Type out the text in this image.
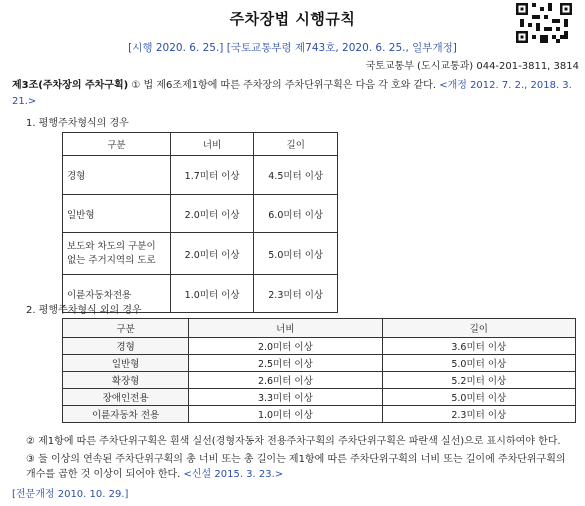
주차장법 시행규칙
[시행 2020. 6. 25.] [국토교통부령 제743호, 2020. 6. 25., 일부개정]
국토교통부 (도시교통과) 044-201-3811, 3814
제3조(주차장의 주차구획) ① 법 제6조제1항에 따른 주차장의 주차단위구획은 다음 각 호와 같다. <개정 2012. 7. 2., 2018. 3. 21.>
1. 평행주차형식의 경우
구분	너비	길이
경형	1.7미터 이상	4.5미터 이상
일반형	2.0미터 이상	6.0미터 이상
보도와 차도의 구분이 없는 주거지역의 도로	2.0미터 이상	5.0미터 이상
이륜자동차전용	1.0미터 이상	2.3미터 이상
2. 평행주차형식 외의 경우
구분	너비	길이
경형	2.0미터 이상	3.6미터 이상
일반형	2.5미터 이상	5.0미터 이상
확장형	2.6미터 이상	5.2미터 이상
장애인전용	3.3미터 이상	5.0미터 이상
이륜자동차 전용	1.0미터 이상	2.3미터 이상
② 제1항에 따른 주차단위구획은 흰색 실선(경형자동차 전용주차구획의 주차단위구획은 파란색 실선)으로 표시하여야 한다.
③ 둘 이상의 연속된 주차단위구획의 총 너비 또는 총 길이는 제1항에 따른 주차단위구획의 너비 또는 길이에 주차단위구획의 개수를 곱한 것 이상이 되어야 한다. <신설 2015. 3. 23.>
[전문개정 2010. 10. 29.]
